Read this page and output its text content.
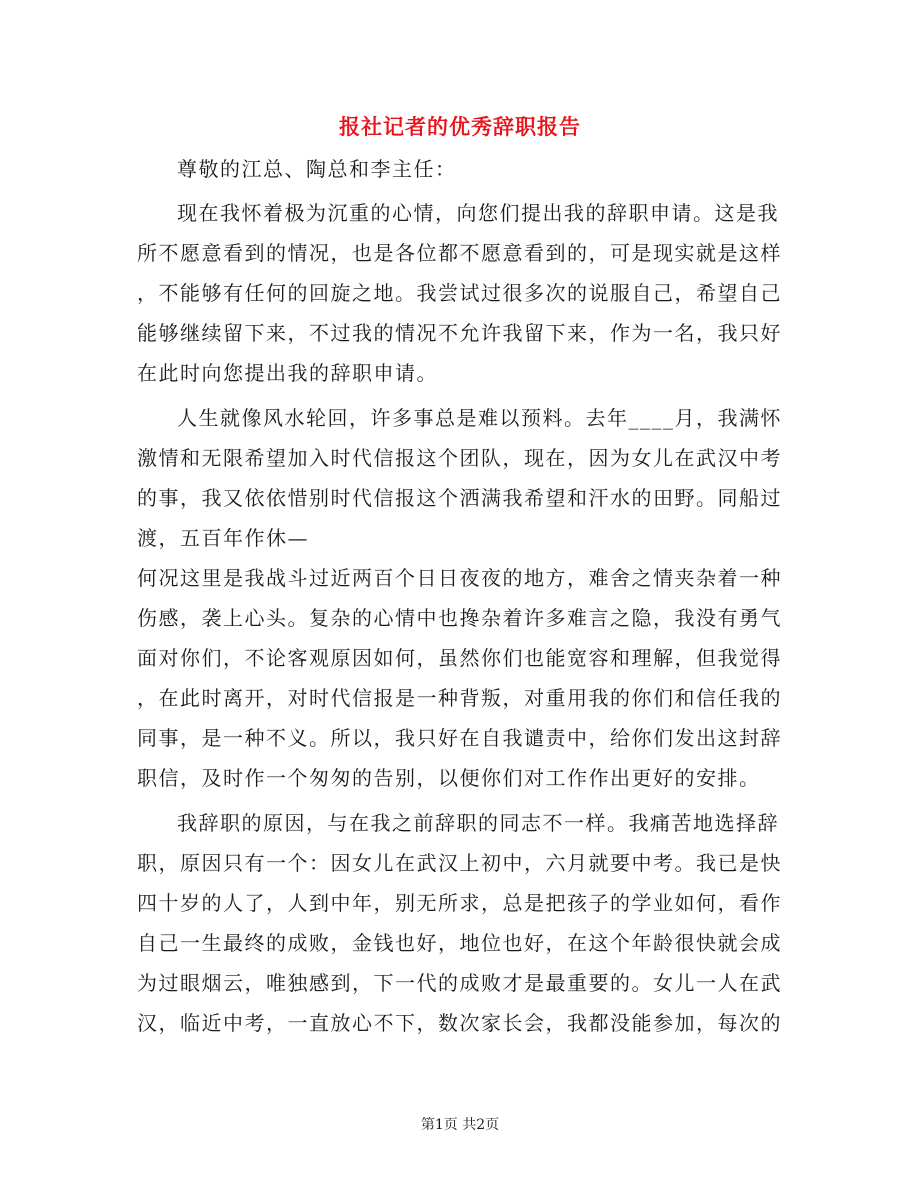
报社记者的优秀辞职报告
尊敬的江总、陶总和李主任：
现在我怀着极为沉重的心情，向您们提出我的辞职申请。这是我
所不愿意看到的情况，也是各位都不愿意看到的，可是现实就是这样
，不能够有任何的回旋之地。我尝试过很多次的说服自己，希望自己
能够继续留下来，不过我的情况不允许我留下来，作为一名，我只好
在此时向您提出我的辞职申请。
人生就像风水轮回，许多事总是难以预料。去年____月，我满怀
激情和无限希望加入时代信报这个团队，现在，因为女儿在武汉中考
的事，我又依依惜别时代信报这个洒满我希望和汗水的田野。同船过
渡，五百年作休—
何况这里是我战斗过近两百个日日夜夜的地方，难舍之情夹杂着一种
伤感，袭上心头。复杂的心情中也搀杂着许多难言之隐，我没有勇气
面对你们，不论客观原因如何，虽然你们也能宽容和理解，但我觉得
，在此时离开，对时代信报是一种背叛，对重用我的你们和信任我的
同事，是一种不义。所以，我只好在自我谴责中，给你们发出这封辞
职信，及时作一个匆匆的告别，以便你们对工作作出更好的安排。
我辞职的原因，与在我之前辞职的同志不一样。我痛苦地选择辞
职，原因只有一个：因女儿在武汉上初中，六月就要中考。我已是快
四十岁的人了，人到中年，别无所求，总是把孩子的学业如何，看作
自己一生最终的成败，金钱也好，地位也好，在这个年龄很快就会成
为过眼烟云，唯独感到，下一代的成败才是最重要的。女儿一人在武
汉，临近中考，一直放心不下，数次家长会，我都没能参加，每次的
第1页 共2页
